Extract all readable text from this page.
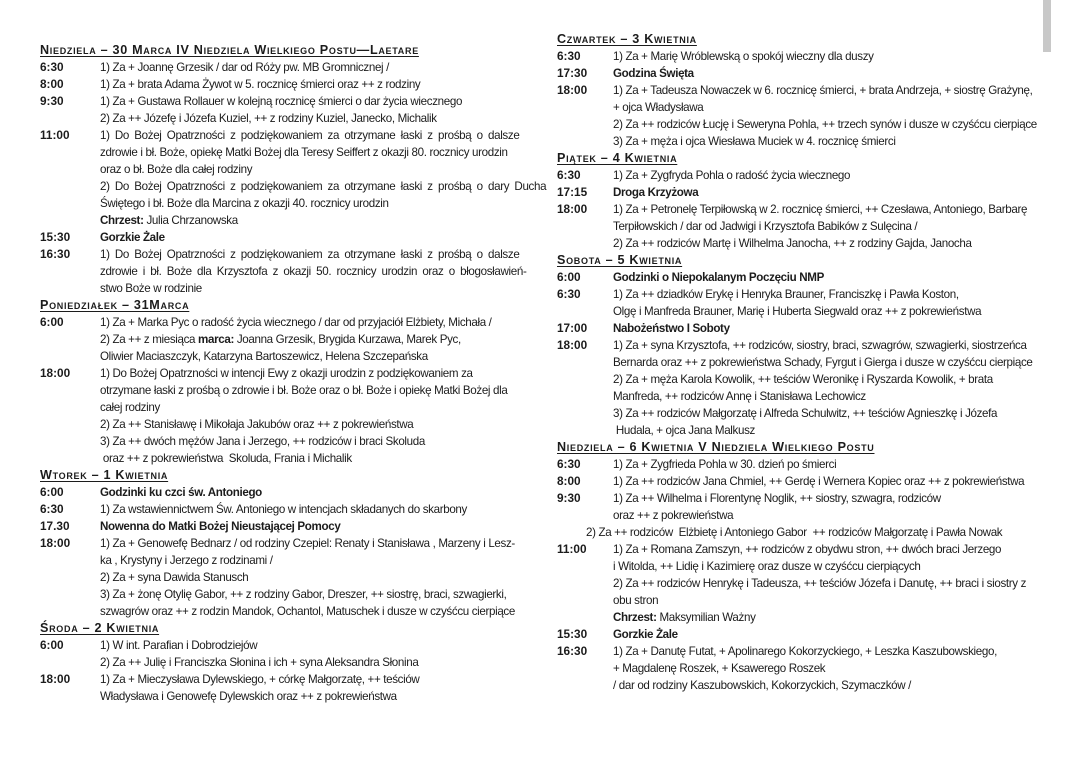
Niedziela – 30 Marca IV Niedziela Wielkiego Postu—Laetare
6:30	1) Za + Joannę Grzesik / dar od Róży pw. MB Gromnicznej /
8:00	1) Za + brata Adama Żywot w 5. rocznicę śmierci oraz ++ z rodziny
9:30	1) Za + Gustawa Rollauer w kolejną rocznicę śmierci o dar życia wiecznego
2) Za ++ Józefę i Józefa Kuziel, ++ z rodziny Kuziel, Janecko, Michalik
11:00	1) Do Bożej Opatrzności z podziękowaniem za otrzymane łaski z prośbą o dalsze
zdrowie i bł. Boże, opiekę Matki Bożej dla Teresy Seiffert z okazji 80. rocznicy urodzin
oraz o bł. Boże dla całej rodziny
2) Do Bożej Opatrzności z podziękowaniem za otrzymane łaski z prośbą o dary Ducha
Świętego i bł. Boże dla Marcina z okazji 40. rocznicy urodzin
Chrzest: Julia Chrzanowska
15:30	Gorzkie Żale
16:30	1) Do Bożej Opatrzności z podziękowaniem za otrzymane łaski z prośbą o dalsze
zdrowie i bł. Boże dla Krzysztofa z okazji 50. rocznicy urodzin oraz o błogosławień-
stwo Boże w rodzinie
Poniedziałek – 31Marca
6:00	1) Za + Marka Pyc o radość życia wiecznego / dar od przyjaciół Elżbiety, Michała /
2) Za ++ z miesiąca marca: Joanna Grzesik, Brygida Kurzawa, Marek Pyc,
Oliwier Maciaszczyk, Katarzyna Bartoszewicz, Helena Szczepańska
18:00	1) Do Bożej Opatrzności w intencji Ewy z okazji urodzin z podziękowaniem za
otrzymane łaski z prośbą o zdrowie i bł. Boże oraz o bł. Boże i opiekę Matki Bożej dla
całej rodziny
2) Za ++ Stanisławę i Mikołaja Jakubów oraz ++ z pokrewieństwa
3) Za ++ dwóch mężów Jana i Jerzego, ++ rodziców i braci Skoluda
oraz ++ z pokrewieństwa  Skoluda, Frania i Michalik
Wtorek – 1 Kwietnia
6:00	Godzinki ku czci św. Antoniego
6:30	1) Za wstawiennictwem Św. Antoniego w intencjach składanych do skarbony
17.30	Nowenna do Matki Bożej Nieustającej Pomocy
18:00	1) Za + Genowefę Bednarz / od rodziny Czepiel: Renaty i Stanisława , Marzeny i Lesz-
ka , Krystyny i Jerzego z rodzinami /
2) Za + syna Dawida Stanusch
3) Za + żonę Otylię Gabor, ++ z rodziny Gabor, Dreszer, ++ siostrę, braci, szwagierki,
szwagrów oraz ++ z rodzin Mandok, Ochantol, Matuschek i dusze w czyśćcu cierpiące
Środa – 2 Kwietnia
6:00	1) W int. Parafian i Dobrodziejów
2) Za ++ Julię i Franciszka Słonina i ich + syna Aleksandra Słonina
18:00	1) Za + Mieczysława Dylewskiego, + córkę Małgorzatę, ++ teściów
Władysława i Genowefę Dylewskich oraz ++ z pokrewieństwa
Czwartek – 3 Kwietnia
6:30	1) Za + Marię Wróblewską o spokój wieczny dla duszy
17:30	Godzina Święta
18:00	1) Za + Tadeusza Nowaczek w 6. rocznicę śmierci, + brata Andrzeja, + siostrę Grażynę,
+ ojca Władysława
2) Za ++ rodziców Łucję i Seweryna Pohla, ++ trzech synów i dusze w czyśćcu cierpiące
3) Za + męża i ojca Wiesława Muciek w 4. rocznicę śmierci
Piątek – 4 Kwietnia
6:30	1) Za + Zygfryda Pohla o radość życia wiecznego
17:15	Droga Krzyżowa
18:00	1) Za + Petronelę Terpiłowską w 2. rocznicę śmierci, ++ Czesława, Antoniego, Barbarę
Terpiłowskich / dar od Jadwigi i Krzysztofa Babików z Sulęcina /
2) Za ++ rodziców Martę i Wilhelma Janocha, ++ z rodziny Gajda, Janocha
Sobota – 5 Kwietnia
6:00	Godzinki o Niepokalanym Poczęciu NMP
6:30	1) Za ++ dziadków Erykę i Henryka Brauner, Franciszkę i Pawła Koston,
Olgę i Manfreda Brauner, Marię i Huberta Siegwald oraz ++ z pokrewieństwa
17:00	Nabożeństwo I Soboty
18:00	1) Za + syna Krzysztofa, ++ rodziców, siostry, braci, szwagrów, szwagierki, siostrzeńca
Bernarda oraz ++ z pokrewieństwa Schady, Fyrgut i Gierga i dusze w czyśćcu cierpiące
2) Za + męża Karola Kowolik, ++ teściów Weronikę i Ryszarda Kowolik, + brata
Manfreda, ++ rodziców Annę i Stanisława Lechowicz
3) Za ++ rodziców Małgorzatę i Alfreda Schulwitz, ++ teściów Agnieszkę i Józefa
Hudala, + ojca Jana Malkusz
Niedziela – 6 Kwietnia V Niedziela Wielkiego Postu
6:30	1) Za + Zygfrieda Pohla w 30. dzień po śmierci
8:00	1) Za ++ rodziców Jana Chmiel, ++ Gerdę i Wernera Kopiec oraz ++ z pokrewieństwa
9:30	1) Za ++ Wilhelma i Florentynę Noglik, ++ siostry, szwagra, rodziców
oraz ++ z pokrewieństwa
2) Za ++ rodziców  Elżbietę i Antoniego Gabor  ++ rodziców Małgorzatę i Pawła Nowak
11:00	1) Za + Romana Zamszyn, ++ rodziców z obydwu stron, ++ dwóch braci Jerzego
i Witolda, ++ Lidię i Kazimierę oraz dusze w czyśćcu cierpiących
2) Za ++ rodziców Henrykę i Tadeusza, ++ teściów Józefa i Danutę, ++ braci i siostry z
obu stron
Chrzest: Maksymilian Ważny
15:30	Gorzkie Żale
16:30	1) Za + Danutę Futat, + Apolinarego Kokorzyckiego, + Leszka Kaszubowskiego,
+ Magdalenę Roszek, + Ksawerego Roszek
/ dar od rodziny Kaszubowskich, Kokorzyckich, Szymaczków /
